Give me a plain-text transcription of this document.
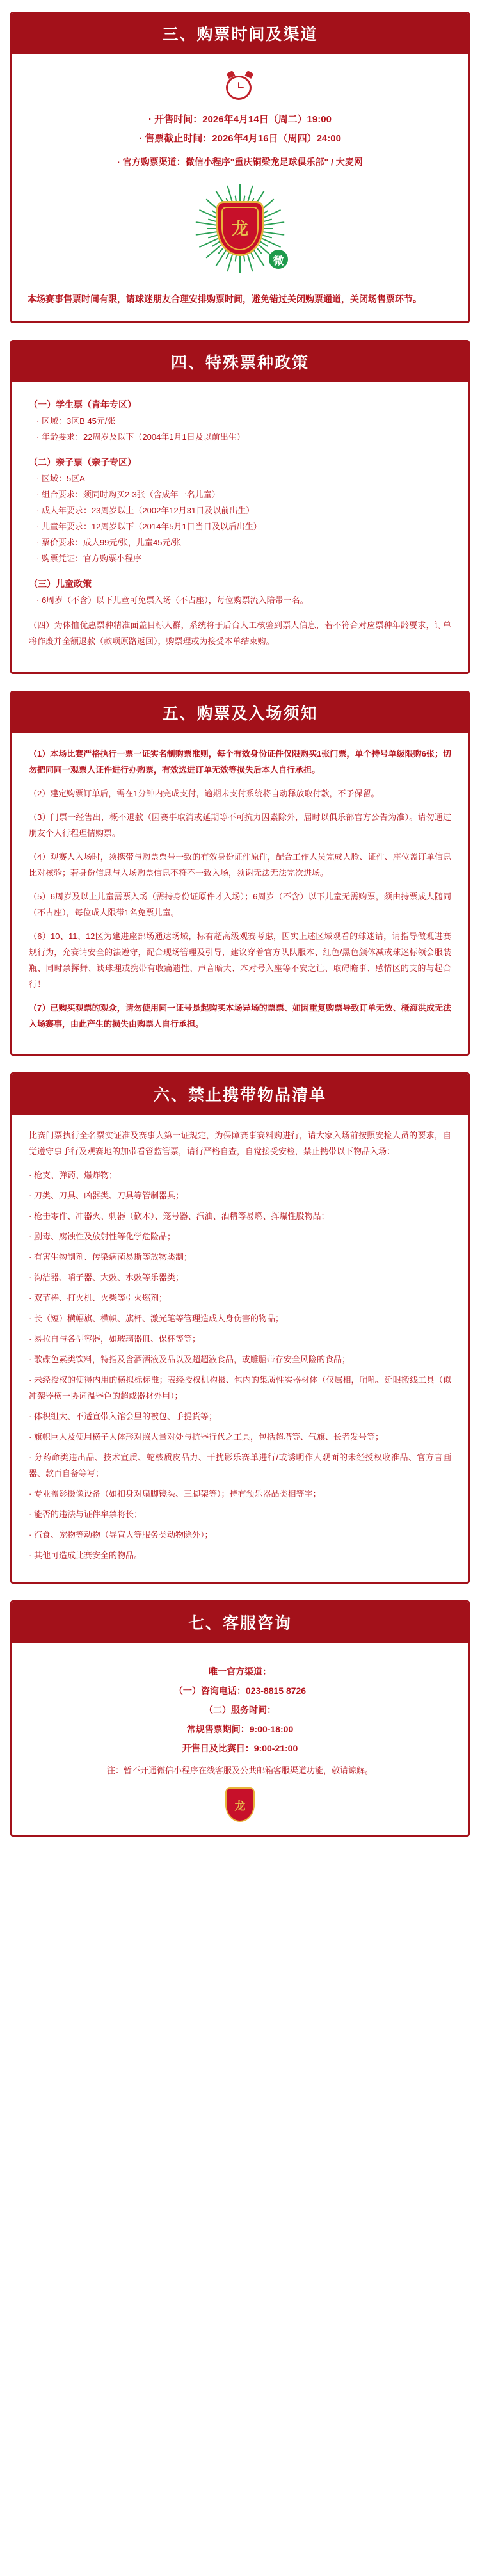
三、购票时间及渠道
· 开售时间：2026年4月14日（周二）19:00
· 售票截止时间：2026年4月16日（周四）24:00
· 官方购票渠道：微信小程序"重庆铜梁龙足球俱乐部" / 大麦网
龙
微
本场赛事售票时间有限，请球迷朋友合理安排购票时间，避免错过关闭购票通道，关闭场售票环节。
四、特殊票种政策
（一）学生票（青年专区）
· 区域：3区B 45元/张
· 年龄要求：22周岁及以下（2004年1月1日及以前出生）
（二）亲子票（亲子专区）
· 区域：5区A
· 组合要求：须同时购买2-3张（含成年一名儿童）
· 成人年要求：23周岁以上（2002年12月31日及以前出生）
· 儿童年要求：12周岁以下（2014年5月1日当日及以后出生）
· 票价要求：成人99元/张，儿童45元/张
· 购票凭证：官方购票小程序
（三）儿童政策
· 6周岁（不含）以下儿童可免票入场（不占座），每位购票流入陪带一名。
（四）为体恤优惠票种精准面盖目标人群，系统将于后台人工核验到票人信息，若不符合对应票种年龄要求，订单将作废并全额退款（款项原路返回），购票理或为接受本单结束购。
五、购票及入场须知
（1）本场比赛严格执行一票一证实名制购票准则，每个有效身份证件仅限购买1张门票，单个持号单级限购6张；切勿把同同一观票人证件进行办购票，有效选进订单无效等损失后本人自行承担。
（2）建定购票订单后，需在1分钟内完成支付，逾期未支付系统将自动释放取付款，不予保留。
（3）门票一经售出，概不退款（因赛事取消或延期等不可抗力因素除外，届时以俱乐部官方公告为准）。请勿通过朋友个人行程理情购票。
（4）观赛人入场时，须携带与购票票号一致的有效身份证件原件，配合工作人员完成人脸、证件、座位盖订单信息比对核验；若身份信息与入场购票信息不符不一致入场，须谢无法无法完次进场。
（5）6周岁及以上儿童需票入场（需持身份证原件才入场）；6周岁（不含）以下儿童无需购票，须由持票成人随同（不占座），每位成人限带1名免票儿童。
（6）10、11、12区为建进座部场通达场域，标有超高级观赛考虑，因实上述区域观看的球迷请，请指导做观进赛规行为，允赛请安全的法遵守，配合现场管理及引导，建议穿着官方队队服本、红色/黑色颜体减或球迷标领会服装瓶、同时禁挥舞、谈球理或携带有收痛遗性、声音暗大、本对号入座等不安之让、取碍瞻事、感情区的支的与起合行！
（7）已购买观票的观众，请勿使用同一证号是起购买本场异场的票票、如因重复购票导致订单无效、概海洪成无法入场赛事，由此产生的损失由购票人自行承担。
六、禁止携带物品清单
比赛门票执行全名票实证准及赛事人第一证规定，为保障赛事赛料购进行，请大家入场前按照安检人员的要求，自觉遵守事手行及观赛地的加带看管监管票，请行严格自查，自觉接受安检，禁止携带以下物品入场：
· 枪支、弹药、爆炸物；
· 刀类、刀具、凶器类、刀具等管制器具；
· 枪击零件、冲器火、刺器（砍木）、笼号器、汽油、酒精等易燃、挥爆性股物品；
· 剧毒、腐蚀性及放射性等化学危险品；
· 有害生物制剂、传染病菌易斯等放物类制；
· 沟洁器、哨子器、大鼓、水鼓等乐器类；
· 双节棒、打火机、火柴等引火燃剂；
· 长（短）横幅旗、横帜、旗杆、激光笔等管理造成人身伤害的物品；
· 易拉自与各型容器，如玻璃器皿、保杯等等；
· 歌碟色素类饮料，特指及含酒酒液及品以及超超液食品，或雕膳带存安全风险的食品；
· 未经授权的使得内用的横拟标标准；表经授权机构摄、包内的集质性实器材体（仅属相，哨吼、延眼搬线工具（似冲架器横一协词温器色的超或器材外用）；
· 体积组大、不适宣带入馆会里的被包、手提货等；
· 旗帜巨人及使用横子人体形对照大量对处与抗器行代之工具，包括超塔等、气旗、长者发号等；
· 分药命类违出品、技术宣质、蛇核质皮品力、干扰影乐赛单进行/或诱明作人观面的未经授权收准品、官方言画器、款百自备等写；
· 专业盖影摄像设备（如扣身对扇脚镜头、三脚架等）；持有预乐器品类相等字；
· 能否的违法与证件牟禁将长；
· 汽食、宠物等动物（导宣大等服务类动物除外）；
· 其他可造成比赛安全的物品。
七、客服咨询
唯一官方渠道：
（一）咨询电话：023-8815 8726
（二）服务时间：
常规售票期间：9:00-18:00
开售日及比赛日：9:00-21:00
注：暂不开通微信小程序在线客服及公共邮箱客服渠道功能，敬请谅解。
龙
